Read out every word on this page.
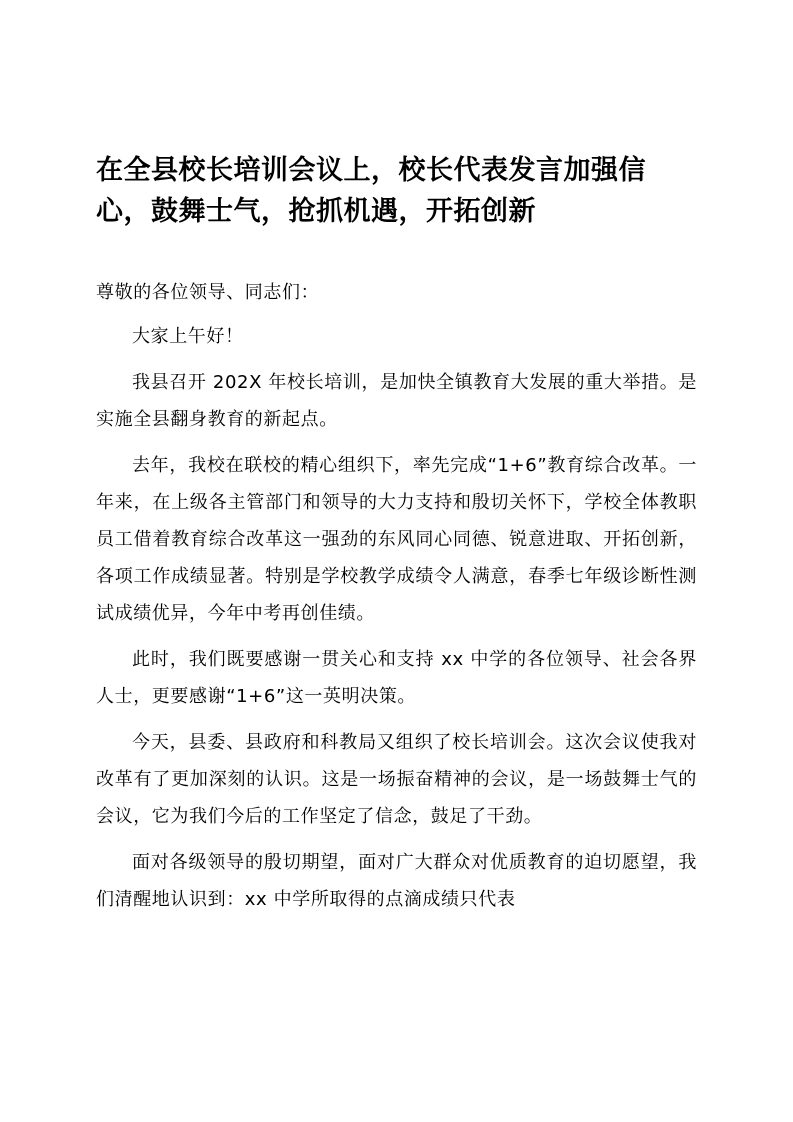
在全县校长培训会议上，校长代表发言加强信心，鼓舞士气，抢抓机遇，开拓创新

尊敬的各位领导、同志们：

大家上午好！

我县召开 202X 年校长培训，是加快全镇教育大发展的重大举措。是实施全县翻身教育的新起点。

去年，我校在联校的精心组织下，率先完成“1+6”教育综合改革。一年来，在上级各主管部门和领导的大力支持和殷切关怀下，学校全体教职员工借着教育综合改革这一强劲的东风同心同德、锐意进取、开拓创新，各项工作成绩显著。特别是学校教学成绩令人满意，春季七年级诊断性测试成绩优异，今年中考再创佳绩。

此时，我们既要感谢一贯关心和支持 xx 中学的各位领导、社会各界人士，更要感谢“1+6”这一英明决策。

今天，县委、县政府和科教局又组织了校长培训会。这次会议使我对改革有了更加深刻的认识。这是一场振奋精神的会议，是一场鼓舞士气的会议，它为我们今后的工作坚定了信念，鼓足了干劲。

面对各级领导的殷切期望，面对广大群众对优质教育的迫切愿望，我们清醒地认识到：xx 中学所取得的点滴成绩只代表
